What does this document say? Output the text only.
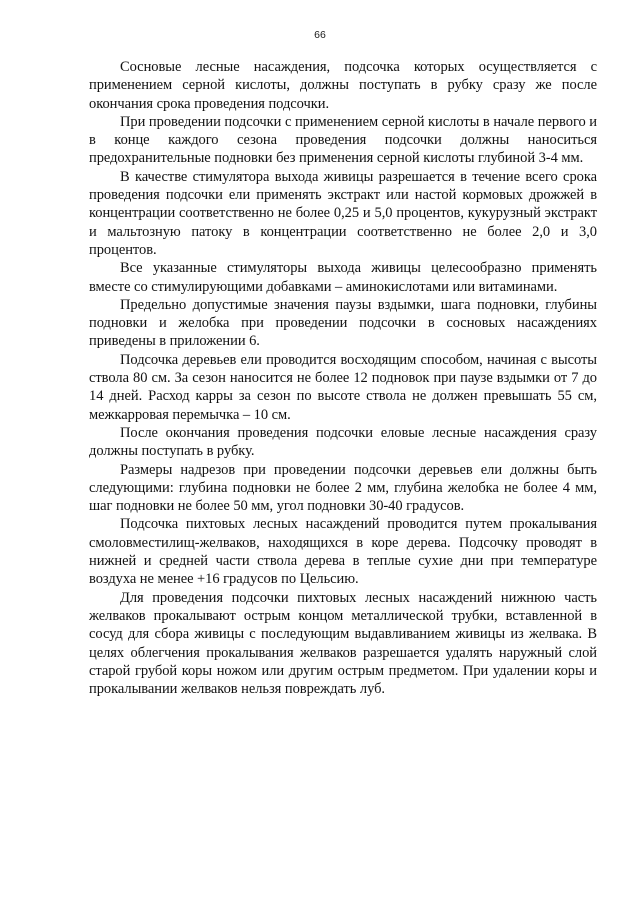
66

Сосновые лесные насаждения, подсочка которых осуществляется с применением серной кислоты, должны поступать в рубку сразу же после окончания срока проведения подсочки.

При проведении подсочки с применением серной кислоты в начале первого и в конце каждого сезона проведения подсочки должны наноситься предохранительные подновки без применения серной кислоты глубиной 3-4 мм.

В качестве стимулятора выхода живицы разрешается в течение всего срока проведения подсочки ели применять экстракт или настой кормовых дрожжей в концентрации соответственно не более 0,25 и 5,0 процентов, кукурузный экстракт и мальтозную патоку в концентрации соответственно не более 2,0 и 3,0 процентов.

Все указанные стимуляторы выхода живицы целесообразно применять вместе со стимулирующими добавками – аминокислотами или витаминами.

Предельно допустимые значения паузы вздымки, шага подновки, глубины подновки и желобка при проведении подсочки в сосновых насаждениях приведены в приложении 6.

Подсочка деревьев ели проводится восходящим способом, начиная с высоты ствола 80 см. За сезон наносится не более 12 подновок при паузе вздымки от 7 до 14 дней. Расход карры за сезон по высоте ствола не должен превышать 55 см, межкарровая перемычка – 10 см.

После окончания проведения подсочки еловые лесные насаждения сразу должны поступать в рубку.

Размеры надрезов при проведении подсочки деревьев ели должны быть следующими: глубина подновки не более 2 мм, глубина желобка не более 4 мм, шаг подновки не более 50 мм, угол подновки 30-40 градусов.

Подсочка пихтовых лесных насаждений проводится путем прокалывания смоловместилищ-желваков, находящихся в коре дерева. Подсочку проводят в нижней и средней части ствола дерева в теплые сухие дни при температуре воздуха не менее +16 градусов по Цельсию.

Для проведения подсочки пихтовых лесных насаждений нижнюю часть желваков прокалывают острым концом металлической трубки, вставленной в сосуд для сбора живицы с последующим выдавливанием живицы из желвака. В целях облегчения прокалывания желваков разрешается удалять наружный слой старой грубой коры ножом или другим острым предметом. При удалении коры и прокалывании желваков нельзя повреждать луб.
